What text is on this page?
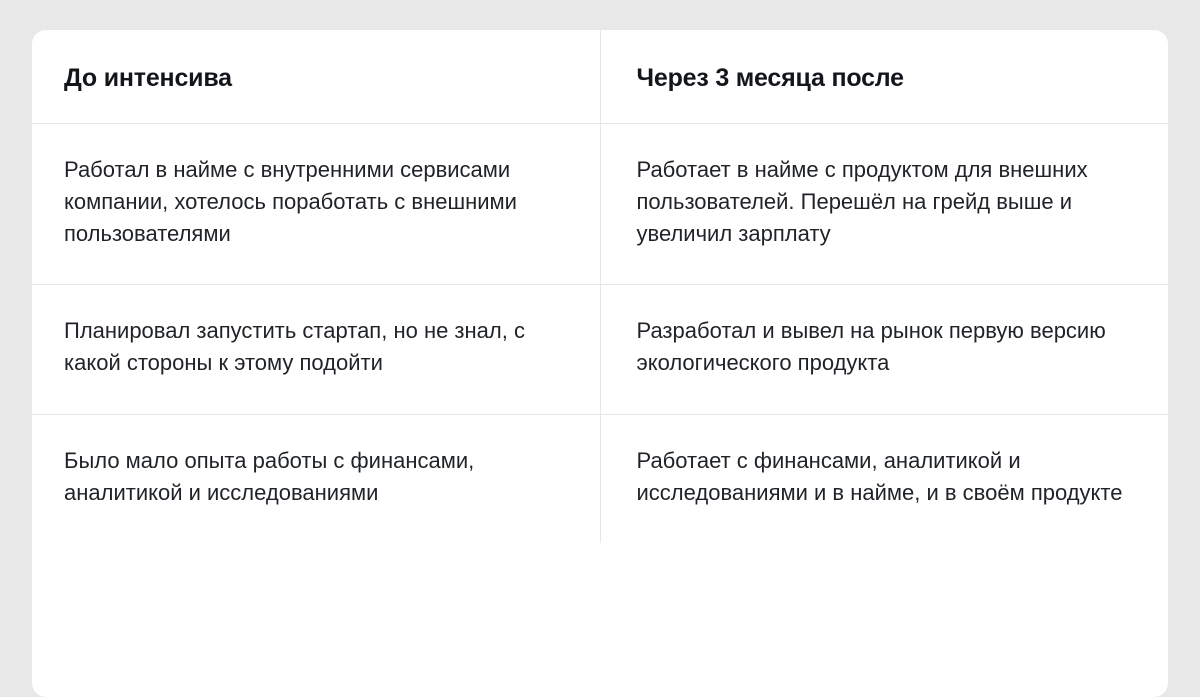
До интенсива	Через 3 месяца после
Работал в найме с внутренними сервисами компании, хотелось поработать с внешними пользователями	Работает в найме с продуктом для внешних пользователей. Перешёл на грейд выше и увеличил зарплату
Планировал запустить стартап, но не знал, с какой стороны к этому подойти	Разработал и вывел на рынок первую версию экологического продукта
Было мало опыта работы с финансами, аналитикой и исследованиями	Работает с финансами, аналитикой и исследованиями и в найме, и в своём продукте
